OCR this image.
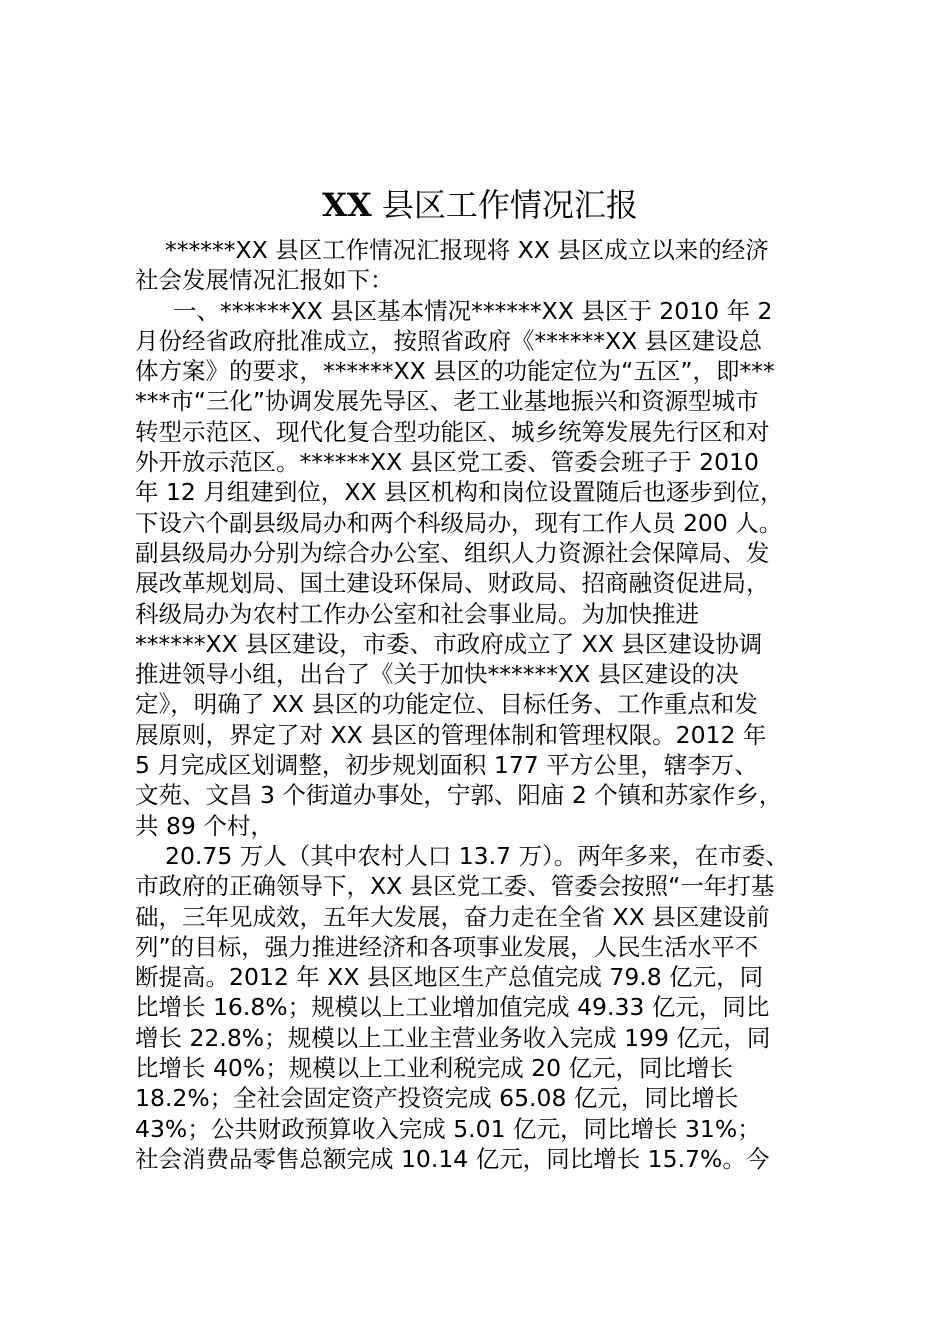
XX 县区工作情况汇报
******XX 县区工作情况汇报现将 XX 县区成立以来的经济
社会发展情况汇报如下：
一、******XX 县区基本情况******XX 县区于 2010 年 2
月份经省政府批准成立，按照省政府《******XX 县区建设总
体方案》的要求，******XX 县区的功能定位为“五区”，即***
***市“三化”协调发展先导区、老工业基地振兴和资源型城市
转型示范区、现代化复合型功能区、城乡统筹发展先行区和对
外开放示范区。******XX 县区党工委、管委会班子于 2010
年 12 月组建到位，XX 县区机构和岗位设置随后也逐步到位，
下设六个副县级局办和两个科级局办，现有工作人员 200 人。
副县级局办分别为综合办公室、组织人力资源社会保障局、发
展改革规划局、国土建设环保局、财政局、招商融资促进局，
科级局办为农村工作办公室和社会事业局。为加快推进
******XX 县区建设，市委、市政府成立了 XX 县区建设协调
推进领导小组，出台了《关于加快******XX 县区建设的决
定》，明确了 XX 县区的功能定位、目标任务、工作重点和发
展原则，界定了对 XX 县区的管理体制和管理权限。2012 年
5 月完成区划调整，初步规划面积 177 平方公里，辖李万、
文苑、文昌 3 个街道办事处，宁郭、阳庙 2 个镇和苏家作乡，
共 89 个村，
20.75 万人（其中农村人口 13.7 万）。两年多来，在市委、
市政府的正确领导下，XX 县区党工委、管委会按照“一年打基
础，三年见成效，五年大发展，奋力走在全省 XX 县区建设前
列”的目标，强力推进经济和各项事业发展，人民生活水平不
断提高。2012 年 XX 县区地区生产总值完成 79.8 亿元，同
比增长 16.8%；规模以上工业增加值完成 49.33 亿元，同比
增长 22.8%；规模以上工业主营业务收入完成 199 亿元，同
比增长 40%；规模以上工业利税完成 20 亿元，同比增长
18.2%；全社会固定资产投资完成 65.08 亿元，同比增长
43%；公共财政预算收入完成 5.01 亿元，同比增长 31%；
社会消费品零售总额完成 10.14 亿元，同比增长 15.7%。今
